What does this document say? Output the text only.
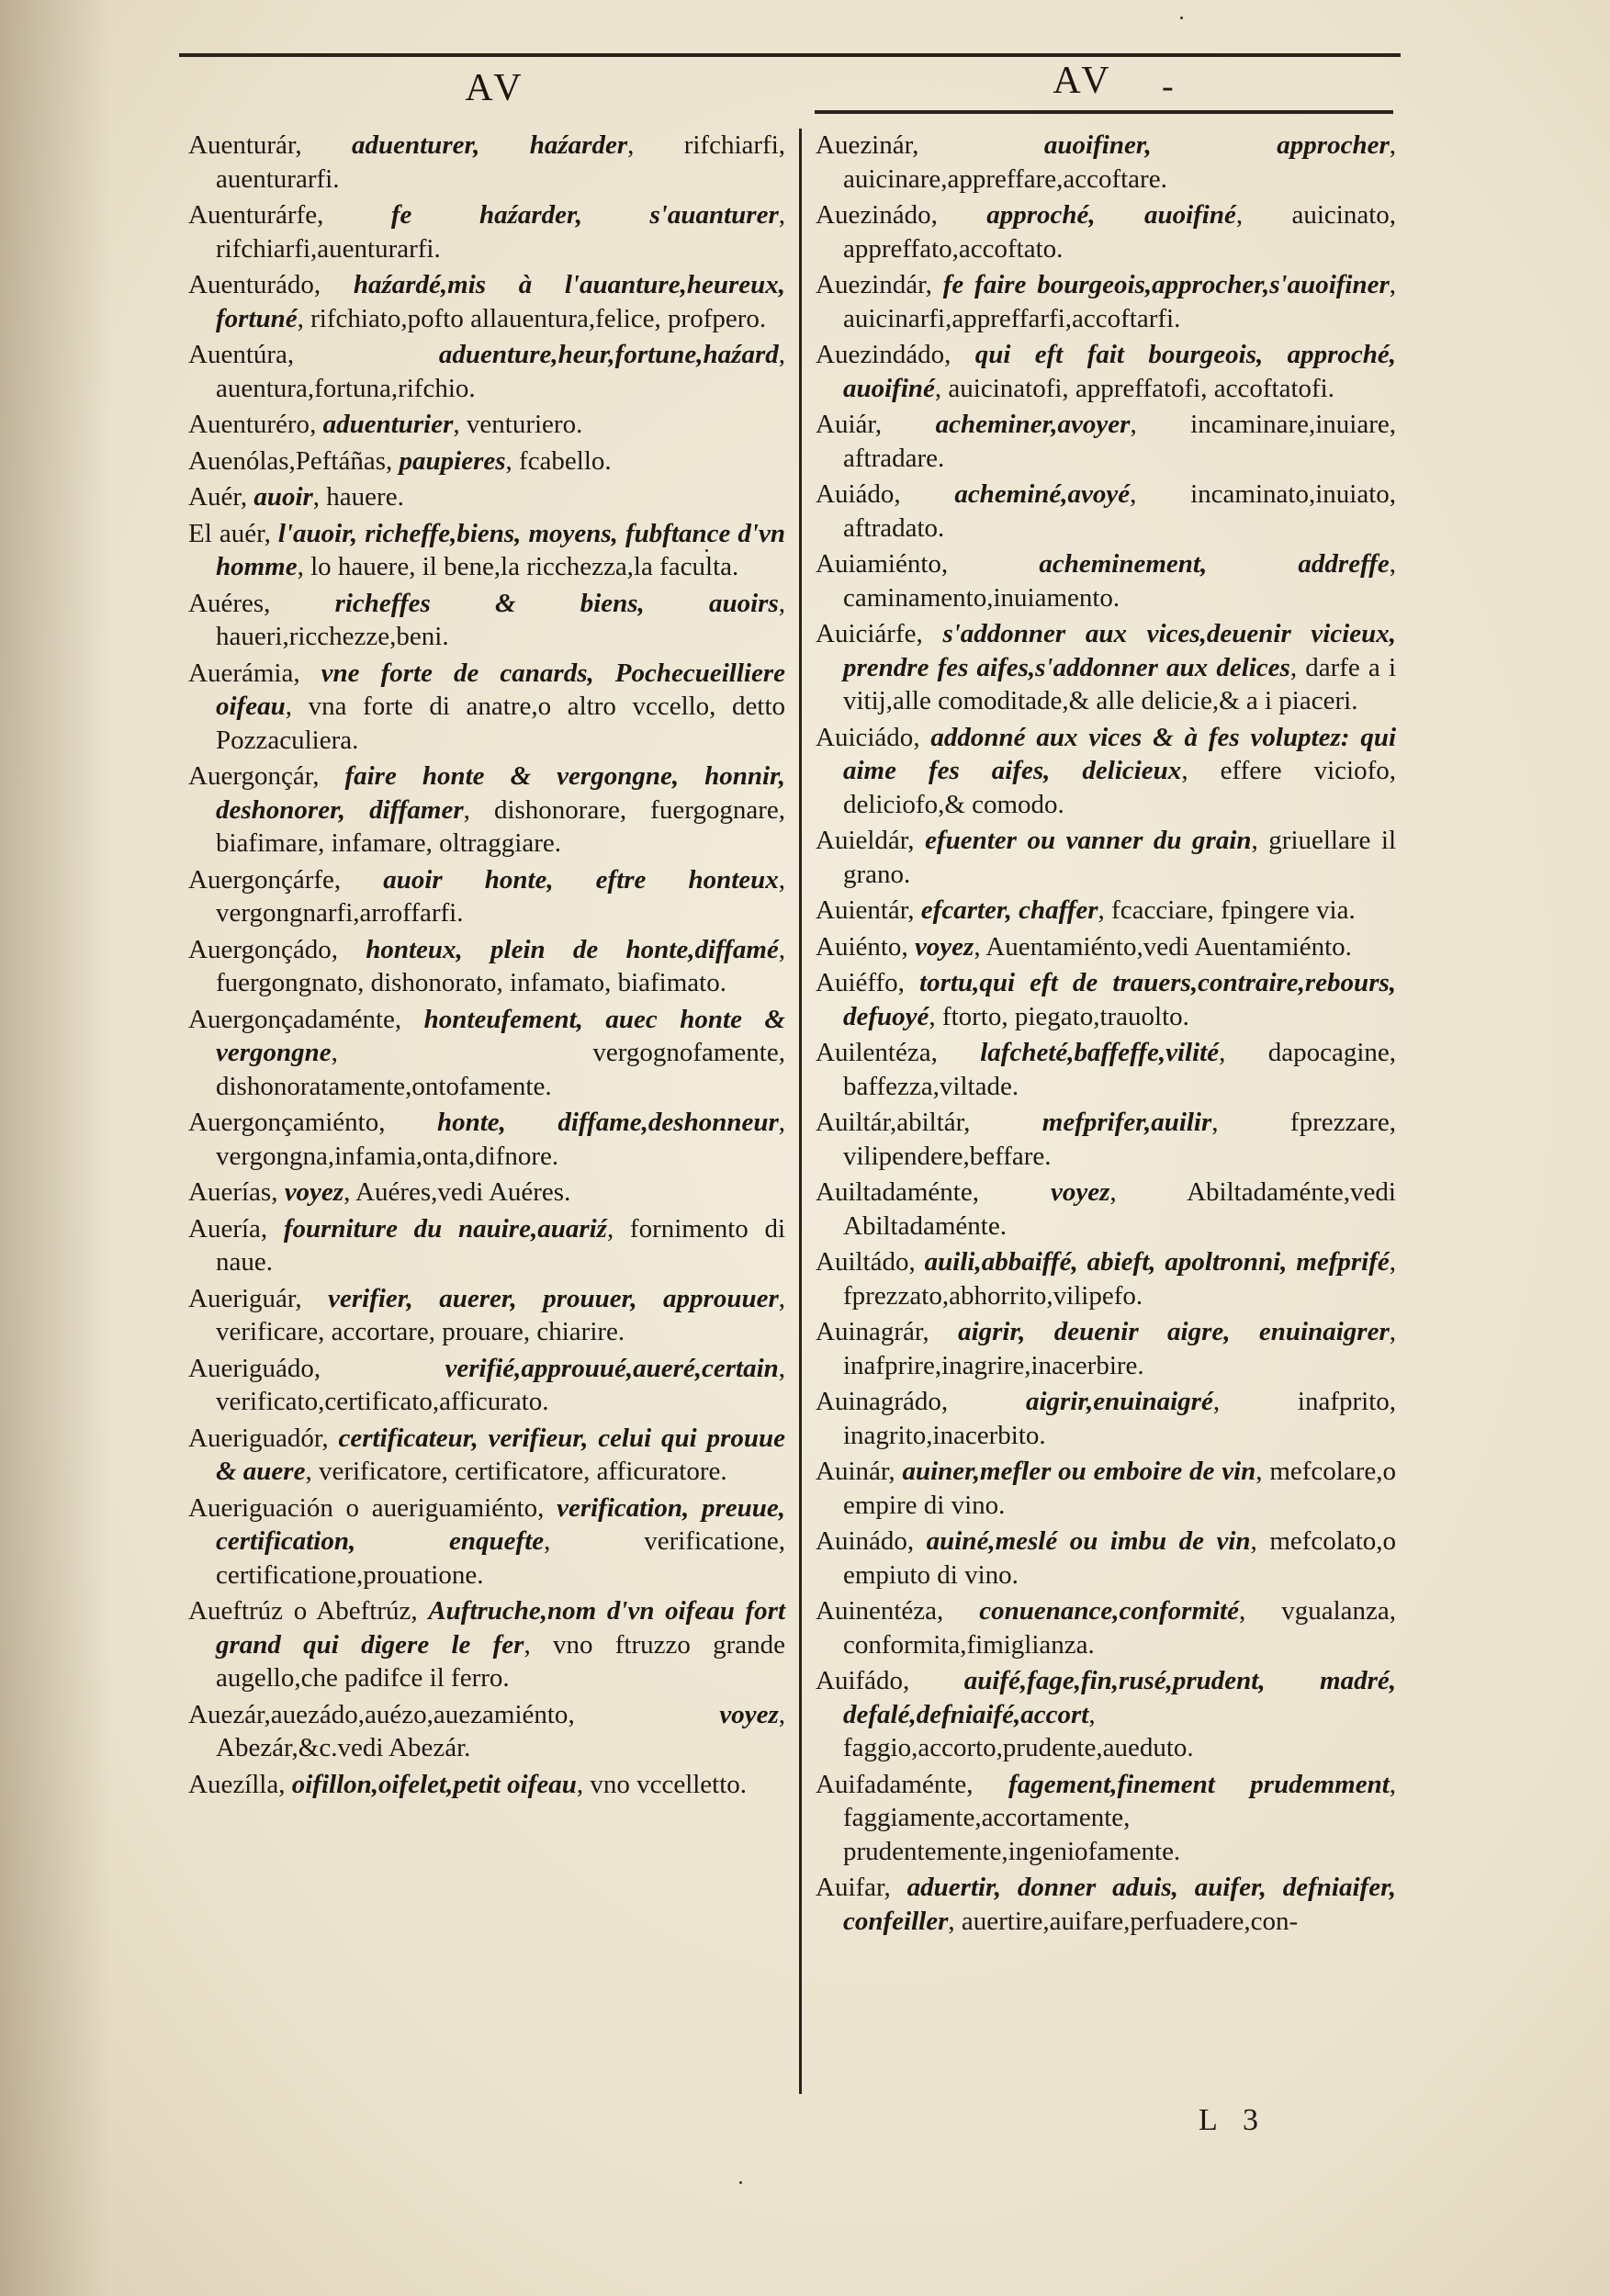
AV	AV	-

Auenturár, aduenturer, haźarder, rifchiarfi, auenturarfi.

Auenturárfe, fe haźarder, s'auanturer, rifchiarfi,auenturarfi.

Auenturádo, haźardé,mis à l'auanture,heureux, fortuné, rifchiato,pofto allauentura,felice, profpero.

Auentúra, aduenture,heur,fortune,haźard, auentura,fortuna,rifchio.

Auenturéro, aduenturier, venturiero.

Auenólas,Peftáñas, paupieres, fcabello.

Auér, auoir, hauere.

El auér, l'auoir, richeffe,biens, moyens, fubftance d'vn homme, lo hauere, il bene,la ricchezza,la faculta.

Auéres, richeffes & biens, auoirs, haueri,ricchezze,beni.

Auerámia, vne forte de canards, Pochecueilliere oifeau, vna forte di anatre,o altro vccello, detto Pozzaculiera.

Auergonçár, faire honte & vergongne, honnir, deshonorer, diffamer, dishonorare, fuergognare, biafimare, infamare, oltraggiare.

Auergonçárfe, auoir honte, eftre honteux, vergongnarfi,arroffarfi.

Auergonçádo, honteux, plein de honte,diffamé, fuergongnato, dishonorato, infamato, biafimato.

Auergonçadaménte, honteufement, auec honte & vergongne, vergognofamente, dishonoratamente,ontofamente.

Auergonçamiénto, honte, diffame,deshonneur, vergongna,infamia,onta,difnore.

Auerías, voyez, Auéres,vedi Auéres.

Auería, fourniture du nauire,auariź, fornimento di naue.

Aueriguár, verifier, auerer, prouuer, approuuer, verificare, accortare, prouare, chiarire.

Aueriguádo, verifié,approuué,aueré,certain, verificato,certificato,afficurato.

Aueriguadór, certificateur, verifieur, celui qui prouue & auere, verificatore, certificatore, afficuratore.

Aueriguación o aueriguamiénto, verification, preuue, certification, enquefte, verificatione, certificatione,prouatione.

Aueftrúz o Abeftrúz, Auftruche,nom d'vn oifeau fort grand qui digere le fer, vno ftruzzo grande augello,che padifce il ferro.

Auezár,auezádo,auézo,auezamiénto, voyez, Abezár,&c.vedi Abezár.

Auezílla, oifillon,oifelet,petit oifeau, vno vccelletto.

Auezinár, auoifiner, approcher, auicinare,appreffare,accoftare.

Auezinádo, approché, auoifiné, auicinato, appreffato,accoftato.

Auezindár, fe faire bourgeois,approcher,s'auoifiner, auicinarfi,appreffarfi,accoftarfi.

Auezindádo, qui eft fait bourgeois, approché, auoifiné, auicinatofi, appreffatofi, accoftatofi.

Auiár, acheminer,avoyer, incaminare,inuiare, aftradare.

Auiádo, acheminé,avoyé, incaminato,inuiato, aftradato.

Auiamiénto, acheminement, addreffe, caminamento,inuiamento.

Auiciárfe, s'addonner aux vices,deuenir vicieux, prendre fes aifes,s'addonner aux delices, darfe a i vitij,alle comoditade,& alle delicie,& a i piaceri.

Auiciádo, addonné aux vices & à fes voluptez: qui aime fes aifes, delicieux, effere viciofo, deliciofo,& comodo.

Auieldár, efuenter ou vanner du grain, griuellare il grano.

Auientár, efcarter, chaffer, fcacciare, fpingere via.

Auiénto, voyez, Auentamiénto,vedi Auentamiénto.

Auiéffo, tortu,qui eft de trauers,contraire,rebours, defuoyé, ftorto, piegato,trauolto.

Auilentéza, lafcheté,baffeffe,vilité, dapocagine, baffezza,viltade.

Auiltár,abiltár, mefprifer,auilir, fprezzare, vilipendere,beffare.

Auiltadaménte, voyez, Abiltadaménte,vedi Abiltadaménte.

Auiltádo, auili,abbaiffé, abieft, apoltronni, mefprifé, fprezzato,abhorrito,vilipefo.

Auinagrár, aigrir, deuenir aigre, enuinaigrer, inafprire,inagrire,inacerbire.

Auinagrádo, aigrir,enuinaigré, inafprito, inagrito,inacerbito.

Auinár, auiner,mefler ou emboire de vin, mefcolare,o empire di vino.

Auinádo, auiné,meslé ou imbu de vin, mefcolato,o empiuto di vino.

Auinentéza, conuenance,conformité, vgualanza, conformita,fimiglianza.

Auifádo, auifé,fage,fin,rusé,prudent, madré, defalé,defniaifé,accort, faggio,accorto,prudente,aueduto.

Auifadaménte, fagement,finement prudemment, faggiamente,accortamente, prudentemente,ingeniofamente.

Auifar, aduertir, donner aduis, auifer, defniaifer, confeiller, auertire,auifare,perfuadere,con-

L 3
